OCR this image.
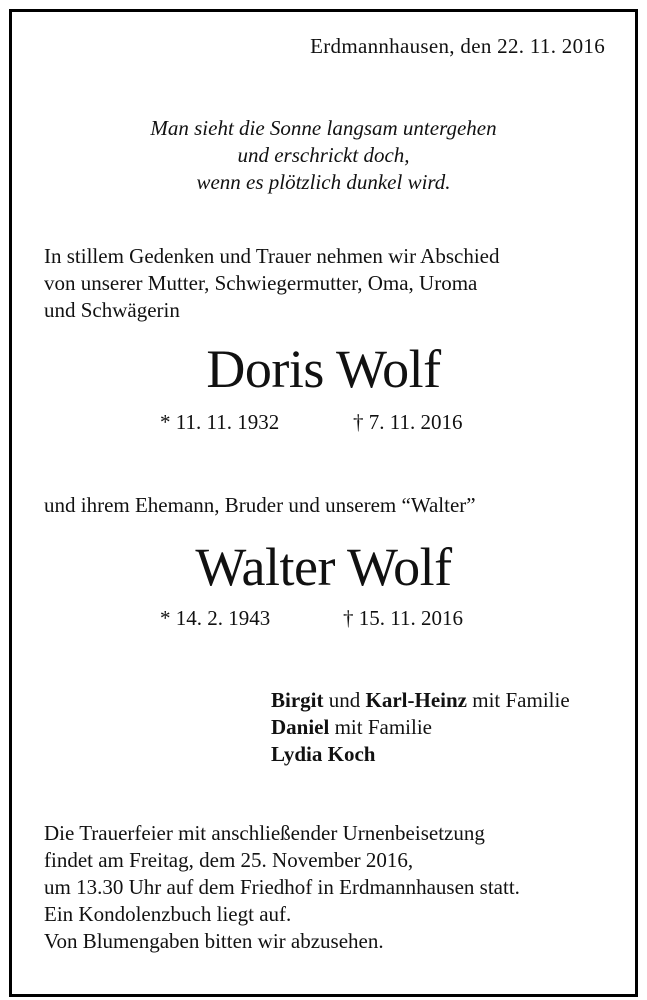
Erdmannhausen, den 22. 11. 2016
Man sieht die Sonne langsam untergehen
und erschrickt doch,
wenn es plötzlich dunkel wird.
In stillem Gedenken und Trauer nehmen wir Abschied
von unserer Mutter, Schwiegermutter, Oma, Uroma
und Schwägerin
Doris Wolf
* 11. 11. 1932	† 7. 11. 2016
und ihrem Ehemann, Bruder und unserem “Walter”
Walter Wolf
* 14. 2. 1943	† 15. 11. 2016
Birgit und Karl-Heinz mit Familie
Daniel mit Familie
Lydia Koch
Die Trauerfeier mit anschließender Urnenbeisetzung
findet am Freitag, dem 25. November 2016,
um 13.30 Uhr auf dem Friedhof in Erdmannhausen statt.
Ein Kondolenzbuch liegt auf.
Von Blumengaben bitten wir abzusehen.
